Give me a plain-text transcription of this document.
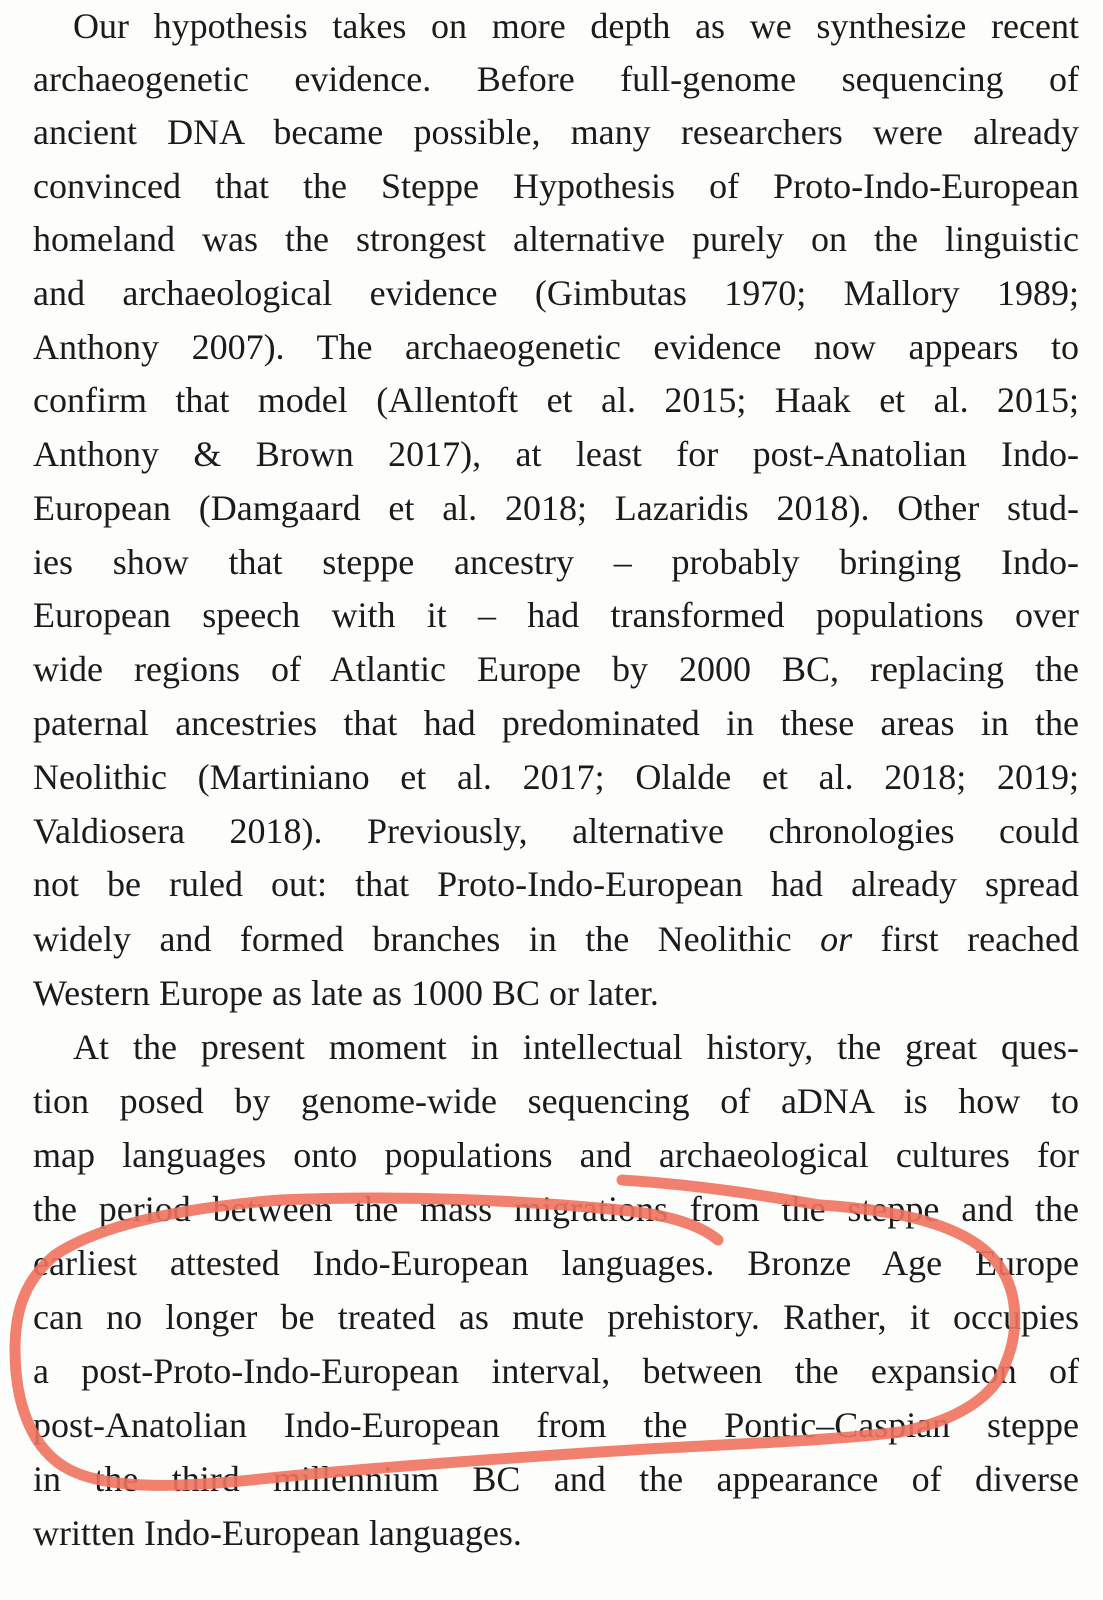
Our hypothesis takes on more depth as we synthesize recent
archaeogenetic evidence. Before full-genome sequencing of
ancient DNA became possible, many researchers were already
convinced that the Steppe Hypothesis of Proto-Indo-European
homeland was the strongest alternative purely on the linguistic
and archaeological evidence (Gimbutas 1970; Mallory 1989;
Anthony 2007). The archaeogenetic evidence now appears to
confirm that model (Allentoft et al. 2015; Haak et al. 2015;
Anthony & Brown 2017), at least for post-Anatolian Indo-
European (Damgaard et al. 2018; Lazaridis 2018). Other stud-
ies show that steppe ancestry – probably bringing Indo-
European speech with it – had transformed populations over
wide regions of Atlantic Europe by 2000 BC, replacing the
paternal ancestries that had predominated in these areas in the
Neolithic (Martiniano et al. 2017; Olalde et al. 2018; 2019;
Valdiosera 2018). Previously, alternative chronologies could
not be ruled out: that Proto-Indo-European had already spread
widely and formed branches in the Neolithic or first reached
Western Europe as late as 1000 BC or later.
At the present moment in intellectual history, the great ques-
tion posed by genome-wide sequencing of aDNA is how to
map languages onto populations and archaeological cultures for
the period between the mass migrations from the steppe and the
earliest attested Indo-European languages. Bronze Age Europe
can no longer be treated as mute prehistory. Rather, it occupies
a post-Proto-Indo-European interval, between the expansion of
post-Anatolian Indo-European from the Pontic–Caspian steppe
in the third millennium BC and the appearance of diverse
written Indo-European languages.
